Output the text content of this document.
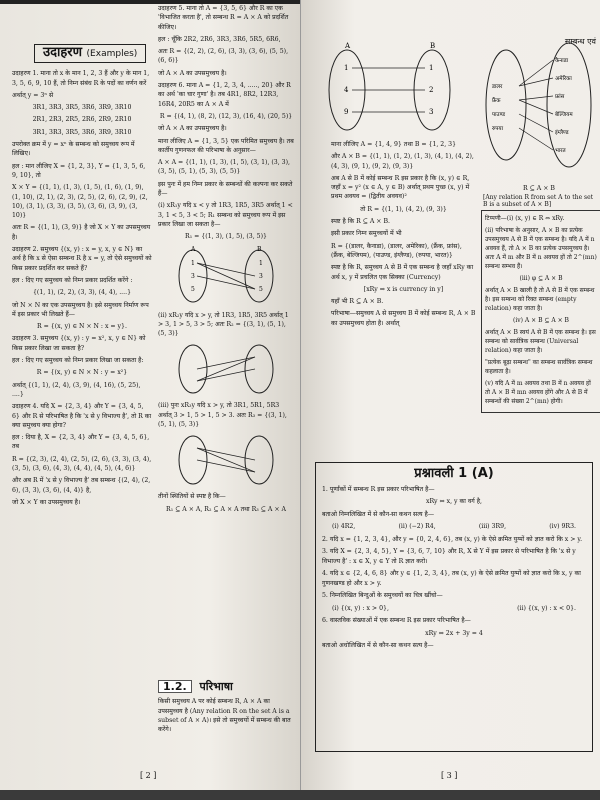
उदाहरण (Examples)

उदाहरण 1. माना तो x के मान 1, 2, 3 हैं और y के मान 1, 3, 5, 6, 9, 10 हैं, तो निम्न संबंध R के पदों का वर्णन करें

अर्थात् y = 3ⁿ से

3R1, 3R3, 3R5, 3R6, 3R9, 3R10

2R1, 2R3, 2R5, 2R6, 2R9, 2R10

3R1, 3R3, 3R5, 3R6, 3R9, 3R10

उपरोक्त क्रम में y = xⁿ के सम्बन्ध को समुच्चय रूप में लिखिए।

हल : मान लीजिए X = {1, 2, 3}, Y = {1, 3, 5, 6, 9, 10}, तो

X × Y = {(1, 1), (1, 3), (1, 5), (1, 6), (1, 9), (1, 10), (2, 1), (2, 3), (2, 5), (2, 6), (2, 9), (2, 10), (3, 1), (3, 3), (3, 5), (3, 6), (3, 9), (3, 10)}

अतः R = {(1, 1), (3, 9)} है जो X × Y का उपसमुच्चय है।

उदाहरण 2. समुच्चय {(x, y) : x = y, x, y ∈ N} का अर्थ है कि x से ऐसा सम्बन्ध R है x = y, तो ऐसे समुच्चयों को किस प्रकार प्रदर्शित कर सकते हैं?

हल : दिए गए समुच्चय को निम्न प्रकार प्रदर्शित करेंगे :

{(1, 1), (2, 2), (3, 3), (4, 4), ....}

जो N × N का एक उपसमुच्चय है। इसे समुच्चय निर्माण रूप में इस प्रकार भी लिखते हैं—

R = {(x, y) ∈ N × N : x = y}.

उदाहरण 3. समुच्चय {(x, y) : y = x², x, y ∈ N} को किस प्रकार लिखा जा सकता है?

हल : दिए गए समुच्चय को निम्न प्रकार लिखा जा सकता है:

R = {(x, y) ∈ N × N : y = x²}

अर्थात् {(1, 1), (2, 4), (3, 9), (4, 16), (5, 25), ....}

उदाहरण 4. यदि X = {2, 3, 4} और Y = {3, 4, 5, 6} और R से परिभाषित है कि 'x से y विभाज्य है', तो R का क्या समुच्चय क्या होगा?

हल : दिया है, X = {2, 3, 4} और Y = {3, 4, 5, 6}, तब

R = {(2, 3), (2, 4), (2, 5), (2, 6), (3, 3), (3, 4), (3, 5), (3, 6), (4, 3), (4, 4), (4, 5), (4, 6)}

और अब R में 'x से y विभाज्य है' तब सम्बन्ध {(2, 4), (2, 6), (3, 3), (3, 6), (4, 4)} है,

जो X × Y का उपसमुच्चय है।

उदाहरण 5. माना तो A = {3, 5, 6} और R का एक 'विभाजित करता है', तो सम्बन्ध R = A × A को प्रदर्शित कीजिए।

हल : चूँकि 2R2, 2R6, 3R3, 3R6, 5R5, 6R6,

अतः R = {(2, 2), (2, 6), (3, 3), (3, 6), (5, 5), (6, 6)}

जो A × A का उपसमुच्चय है।

उदाहरण 6. माना A = {1, 2, 3, 4, ....., 20} और R का अर्थ 'का चार गुणा' है। तब 4R1, 8R2, 12R3, 16R4, 20R5 का A × A में

R = {(4, 1), (8, 2), (12, 3), (16, 4), (20, 5)}

जो A × A का उपसमुच्चय है।

माना लीजिए A = {1, 3, 5} एक परिमित समुच्चय है। तब कार्तीय गुणनफल की परिभाषा के अनुसार—

A × A = {(1, 1), (1, 3), (1, 5), (3, 1), (3, 3), (3, 5), (5, 1), (5, 3), (5, 5)}

इस पुनः में हम निम्न प्रकार के सम्बन्धों की कल्पना कर सकते हैं—

(i) xR₁y यदि x < y तो 1R3, 1R5, 3R5 अर्थात् 1 < 3, 1 < 5, 3 < 5; R₁ सम्बन्ध को समुच्चय रूप में इस प्रकार लिखा जा सकता है—

R₁ = {(1, 3), (1, 5), (3, 5)}

A	B
1
3
5
1
3
5

(ii) xR₂y यदि x > y, तो 1R3, 1R5, 3R5 अर्थात् 1 > 3, 1 > 5, 3 > 5; अतः R₂ = {(3, 1), (5, 1), (5, 3)}

(iii) पुनः xR₃y यदि x > y, तो 3R1, 5R1, 5R3 अर्थात् 3 > 1, 5 > 1, 5 > 3. अतः R₃ = {(3, 1), (5, 1), (5, 3)}

तीनों स्थितियों से स्पष्ट है कि—

R₁ ⊆ A × A, R₂ ⊆ A × A तथा R₃ ⊆ A × A

1.2. परिभाषा

किसी समुच्चय A पर कोई सम्बन्ध R, A × A का उपसमुच्चय है (Any relation R on the set A is a subset of A × A)। इसे तो समुच्चयों में सम्बन्ध की बात करेंगे।

[ 2 ]
सम्बन्ध एवं
A	B
1
4
9
1
2
3
डालर
फ्रैंक
पाउण्ड
रुपया
कैनाडा
अमेरिका
फ्रांस
बेल्जियम
इंग्लैण्ड
भारत
R ⊆ A × B
[Any relation R from set A to the set B is a subset of A × B]

माना लीजिए A = {1, 4, 9} तथा B = {1, 2, 3}

और A × B = {(1, 1), (1, 2), (1, 3), (4, 1), (4, 2), (4, 3), (9, 1), (9, 2), (9, 3)}

अब A से B में कोई सम्बन्ध R इस प्रकार है कि (x, y) ∈ R, जहाँ x = y² (x ∈ A, y ∈ B) अर्थात् प्रथम पुच्छ (x, y) में प्रथम अवयव = (द्वितीय अवयव)²

तो R = {(1, 1), (4, 2), (9, 3)}

स्पष्ट है कि R ⊆ A × B.

इसी प्रकार निम्न समुच्चयों में भी

R = {(डालर, कैनाडा), (डालर, अमेरिका), (फ्रैंक, फ्रांस), (फ्रैंक, बेल्जियम), (पाउण्ड, इंग्लैण्ड), (रुपया, भारत)}

स्पष्ट है कि R, समुच्चय A से B में एक सम्बन्ध है जहाँ xRy का अर्थ x, y में प्रचलित एक सिक्का (Currency)

[xRy ⇒ x is currency in y]

यहाँ भी R ⊆ A × B.

परिभाषा—समुच्चय A से समुच्चय B में कोई सम्बन्ध R, A × B का उपसमुच्चय होता है। अर्थात्

टिप्पणी—(i) (x, y) ∈ R ⇔ xRy.

(ii) परिभाषा के अनुसार, A × B का प्रत्येक उपसमुच्चय A से B में एक सम्बन्ध है। यदि A में n अवयव हैं, तो A × B का प्रत्येक उपसमुच्चय है। अतः A में m और B में n अवयव हों तो 2^(mn) सम्बन्ध सम्भव हैं।

(iii) φ ⊆ A × B

अर्थात् A × B खाली है तो A से B में एक सम्बन्ध है। इस सम्बन्ध को रिक्त सम्बन्ध (empty relation) कहा जाता है।

(iv) A × B ⊆ A × B

अर्थात् A × B स्वयं A से B में एक सम्बन्ध है। इस सम्बन्ध को सार्वत्रिक सम्बन्ध (Universal relation) कहा जाता है।

"प्रत्येक बूढ़ा सम्बन्ध" का सम्बन्ध सार्वत्रिक सम्बन्ध कहलाता है।

(v) यदि A में m अवयव तथा B में n अवयव हों तो A × B में mn अवयव होंगे और A से B में सम्बन्धों की संख्या 2^(mn) होगी।

प्रश्नावली 1 (A)

1. पूर्णांकों में सम्बन्ध R इस प्रकार परिभाषित है—

xRy ⇔ x, y का वर्ग है,

बताओ निम्नलिखित में से कौन-सा कथन सत्य है—

(i) 4R2,	(ii) (−2) R4,	(iii) 3R9,	(iv) 9R3.

2. यदि x = {1, 2, 3, 4}, और y = {0, 2, 4, 6}, तब (x, y) के ऐसे क्रमित युग्मों को ज्ञात करो कि x > y.

3. यदि X = {2, 3, 4, 5}, Y = {3, 6, 7, 10} और R, X से Y में इस प्रकार से परिभाषित है कि 'x से y विभाज्य है' : x ∈ X, y ∈ Y तो R ज्ञात करो।

4. यदि x ∈ {2, 4, 6, 8} और y ∈ {1, 2, 3, 4}, तब (x, y) के ऐसे क्रमित युग्मों को ज्ञात करो कि x, y का गुणनखण्ड हो और x > y.

5. निम्नलिखित बिन्दुओं के समुच्चयों का चित्र खींचो—

(i) {(x, y) : x > 0},	(ii) {(x, y) : x < 0}.

6. वास्तविक संख्याओं में एक सम्बन्ध R इस प्रकार परिभाषित है—

xRy ⇔ 2x + 3y = 4

बताओ अधोलिखित में से कौन-सा कथन सत्य है—

[ 3 ]
